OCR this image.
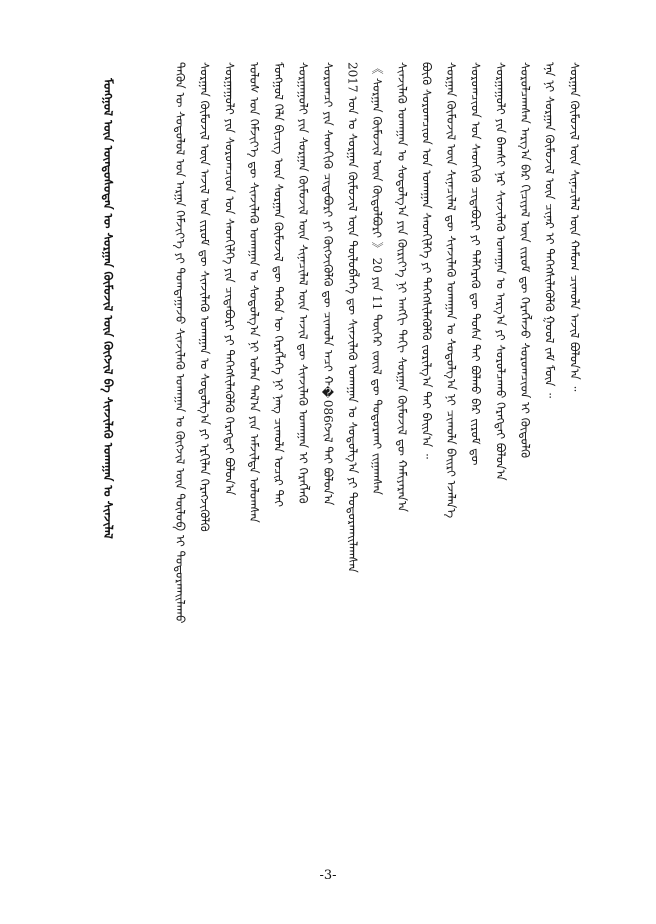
ᠮᠣᠩᠭᠣᠯ ᠦᠨ ᠦᠨᠳᠦᠰᠦᠲᠡᠨ ᠦ ᠰᠤᠷᠭᠠᠨ ᠬᠦᠮᠦᠵᠢᠯ ᠦᠨ ᠬᠥᠭᠵᠢᠯ ᠪᠠ ᠰᠢᠨᠵᠢᠯᠡᠬᠦ ᠤᠬᠠᠭᠠᠨ ᠤ ᠰᠢᠨᠵᠢᠯᠡᠯ	ᠲᠡᠭᠦᠨ ᠦ ᠰᠤᠳᠤᠯᠤᠯ ᠤᠨ ᠠᠷᠭᠠ ᠬᠡᠮᠵᠢᠶ᠎ᠡ ᠶᠢ ᠲᠣᠭᠲᠠᠭᠠᠵᠤ ᠰᠢᠨᠵᠢᠯᠡᠬᠦ ᠤᠬᠠᠭᠠᠨ ᠤ ᠬᠥᠭᠵᠢᠯ ᠦᠨ ᠲᠦᠯᠦᠪ ᠢ ᠲᠣᠳᠣᠷᠬᠠᠢᠯᠠᠬᠤ ᠰᠤᠷᠭᠠᠨ ᠬᠦᠮᠦᠵᠢᠯ ᠦᠨ ᠠᠵᠢᠯ ᠤᠨ ᠵᠢᠷᠤᠮ ᠳᠦ ᠰᠢᠨᠵᠢᠯᠡᠬᠦ ᠤᠬᠠᠭᠠᠨ ᠤ ᠰᠤᠳᠤᠯᠭ᠎ᠠ ᠶᠢ ᠡᠷᠬᠢᠯᠡᠨ ᠬᠡᠷᠡᠭᠵᠢᠭᠦᠯᠬᠦ ᠰᠤᠷᠭᠠᠭᠤᠯᠢ ᠶᠢᠨ ᠰᠤᠷᠤᠭᠴᠢᠳ ᠤᠨ ᠰᠡᠳᠬᠢᠯᠭᠡ ᠶᠢᠨ ᠴᠢᠳᠠᠪᠤᠷᠢ ᠶᠢ ᠳᠡᠭᠡᠭᠰᠢᠯᠡᠭᠦᠯᠬᠦ ᠬᠡᠷᠡᠭᠲᠡᠢ ᠪᠣᠯᠤᠨ᠎ᠠ ᠤᠯᠤᠰ ᠤᠨ ᠬᠡᠮᠵᠢᠶ᠎ᠡ ᠳᠦ ᠰᠢᠨᠵᠢᠯᠡᠬᠦ ᠤᠬᠠᠭᠠᠨ ᠤ ᠰᠤᠳᠤᠯᠭ᠎ᠠ ᠨᠢ ᠣᠯᠠᠨ ᠲᠠᠯ᠎ᠠ ᠶᠢᠨ ᠠᠮᠵᠢᠯᠲᠠ ᠣᠯᠤᠭᠰᠠᠨ ᠮᠣᠩᠭᠣᠯ ᠬᠡᠯᠡ ᠪᠢᠴᠢᠭ ᠦᠨ ᠰᠤᠷᠭᠠᠨ ᠬᠦᠮᠦᠵᠢᠯ ᠳᠦ ᠲᠡᠭᠦᠨ ᠦ ᠬᠡᠷᠡᠭᠯᠡᠭᠡ ᠨᠢ ᠨᠡᠩ ᠴᠢᠬᠤᠯᠠ ᠤᠴᠢᠷ ᠲᠠᠢ ᠰᠤᠷᠭᠠᠭᠤᠯᠢ ᠶᠢᠨ ᠰᠤᠷᠭᠠᠨ ᠬᠦᠮᠦᠵᠢᠯ ᠦᠨ ᠰᠢᠨᠡᠴᠢᠯᠡᠯ ᠦᠨ ᠠᠵᠢᠯ ᠳᠦ ᠰᠢᠨᠵᠢᠯᠡᠬᠦ ᠤᠬᠠᠭᠠᠨ ᠢ ᠬᠡᠷᠡᠭᠯᠡᠬᠦ ᠰᠤᠷᠤᠭᠴᠢ ᠶᠢᠨ ᠰᠡᠳᠬᠢᠬᠦ ᠴᠢᠳᠠᠪᠤᠷᠢ ᠶᠢ ᠬᠥᠭᠵᠢᠭᠦᠯᠬᠦ ᠳᠦ ᠴᠢᠬᠤᠯᠠ ᠠᠴᠢ ᠬ�086ᠭᠵᠢᠯ ᠲᠠᠢ ᠪᠣᠯᠤᠨ᠎ᠠ 2017 ᠣᠨ ᠤ ᠰᠤᠷᠭᠠᠨ ᠬᠦᠮᠦᠵᠢᠯ ᠦᠨ ᠲᠥᠯᠥᠪᠯᠡᠭᠡ ᠳᠦ ᠰᠢᠨᠵᠢᠯᠡᠬᠦ ᠤᠬᠠᠭᠠᠨ ᠤ ᠰᠤᠳᠤᠯᠭ᠎ᠠ ᠶᠢ ᠲᠣᠳᠣᠷᠬᠠᠢᠯᠠᠭᠰᠠᠨ 《 ᠰᠤᠷᠭᠠᠨ ᠬᠦᠮᠦᠵᠢᠯ ᠦᠨ ᠬᠥᠲᠦᠯᠪᠦᠷᠢ 》 20 ᠶᠢᠨ 11 ᠳᠦᠭᠡᠷ ᠵᠦᠢᠯ ᠳᠦ ᠲᠣᠳᠣᠷᠬᠠᠢ ᠵᠢᠭᠠᠭᠰᠠᠨ ᠰᠢᠨᠵᠢᠯᠡᠬᠦ ᠤᠬᠠᠭᠠᠨ ᠤ ᠰᠤᠳᠤᠯᠭ᠎ᠠ ᠶᠢᠨ ᠬᠦᠷᠢᠶ᠎ᠡ ᠨᠢ ᠠᠩᠭᠢ ᠳᠠᠬᠢ ᠰᠤᠷᠭᠠᠨ ᠬᠦᠮᠦᠵᠢᠯ ᠳᠦ ᠬᠠᠮᠢᠶᠠᠷᠠᠨ᠎ᠠ ᠪᠦᠬᠦ ᠰᠤᠷᠤᠭᠴᠢᠳ ᠤᠨ ᠤᠬᠠᠭᠠᠨ ᠰᠡᠳᠬᠢᠯᠭᠡ ᠶᠢ ᠳᠡᠭᠡᠭᠰᠢᠯᠡᠭᠦᠯᠬᠦ ᠵᠣᠷᠢᠯᠭ᠎ᠠ ᠲᠠᠢ ᠪᠠᠢᠨ᠎ᠠ ᠃ ᠰᠤᠷᠭᠠᠨ ᠬᠦᠮᠦᠵᠢᠯ ᠦᠨ ᠰᠢᠨᠡᠴᠢᠯᠡᠯ ᠳᠦ ᠰᠢᠨᠵᠢᠯᠡᠬᠦ ᠤᠬᠠᠭᠠᠨ ᠤ ᠰᠤᠳᠤᠯᠭ᠎ᠠ ᠨᠢ ᠴᠢᠬᠤᠯᠠ ᠪᠠᠢᠷᠢ ᠡᠵᠡᠯᠡᠨ᠎ᠡ ᠰᠤᠷᠤᠭᠴᠢᠳ ᠤᠨ ᠰᠡᠳᠬᠢᠬᠦ ᠴᠢᠳᠠᠪᠤᠷᠢ ᠶᠢ ᠲᠡᠯᠭᠡᠷᠡᠬᠦ ᠳᠦ ᠲᠤᠰᠠ ᠲᠠᠢ ᠪᠣᠯᠬᠤ ᠪᠠᠷ ᠵᠢᠷᠤᠮ ᠳᠦ ᠰᠤᠷᠭᠠᠭᠤᠯᠢ ᠶᠢᠨ ᠪᠠᠭᠰᠢ ᠨᠠᠷ ᠰᠢᠨᠵᠢᠯᠡᠬᠦ ᠤᠬᠠᠭᠠᠨ ᠤ ᠠᠷᠭ᠎ᠠ ᠶᠢ ᠰᠤᠷᠤᠯᠴᠠᠬᠤ ᠬᠡᠷᠡᠭᠲᠡᠢ ᠪᠣᠯᠤᠨ᠎ᠠ ᠰᠤᠷᠤᠯᠴᠠᠭᠰᠠᠨ ᠠᠷᠭ᠎ᠠ ᠪᠠᠷ ᠬᠢᠴᠢᠶᠡᠯ ᠦᠨ ᠵᠢᠷᠤᠮ ᠳᠦ ᠬᠡᠷᠡᠭᠯᠡᠵᠦ ᠰᠤᠷᠤᠭᠴᠢᠳ ᠢ ᠬᠥᠲᠦᠯᠬᠦ ᠡᠨᠡ ᠨᠢ ᠰᠤᠷᠭᠠᠨ ᠬᠦᠮᠦᠵᠢᠯ ᠦᠨ ᠴᠢᠨᠠᠷ ᠢ ᠳᠡᠭᠡᠭᠰᠢᠯᠡᠭᠦᠯᠬᠦ ᠭᠣᠣᠯ ᠵᠠᠮ ᠮᠥᠨ ᠃ ᠰᠤᠷᠭᠠᠨ ᠬᠦᠮᠦᠵᠢᠯ ᠦᠨ ᠰᠢᠨᠡᠴᠢᠯᠡᠯ ᠦᠨ ᠬᠠᠮᠤᠭ ᠴᠢᠬᠤᠯᠠ ᠠᠵᠢᠯ ᠪᠣᠯᠤᠨ᠎ᠠ ᠃
-3-
